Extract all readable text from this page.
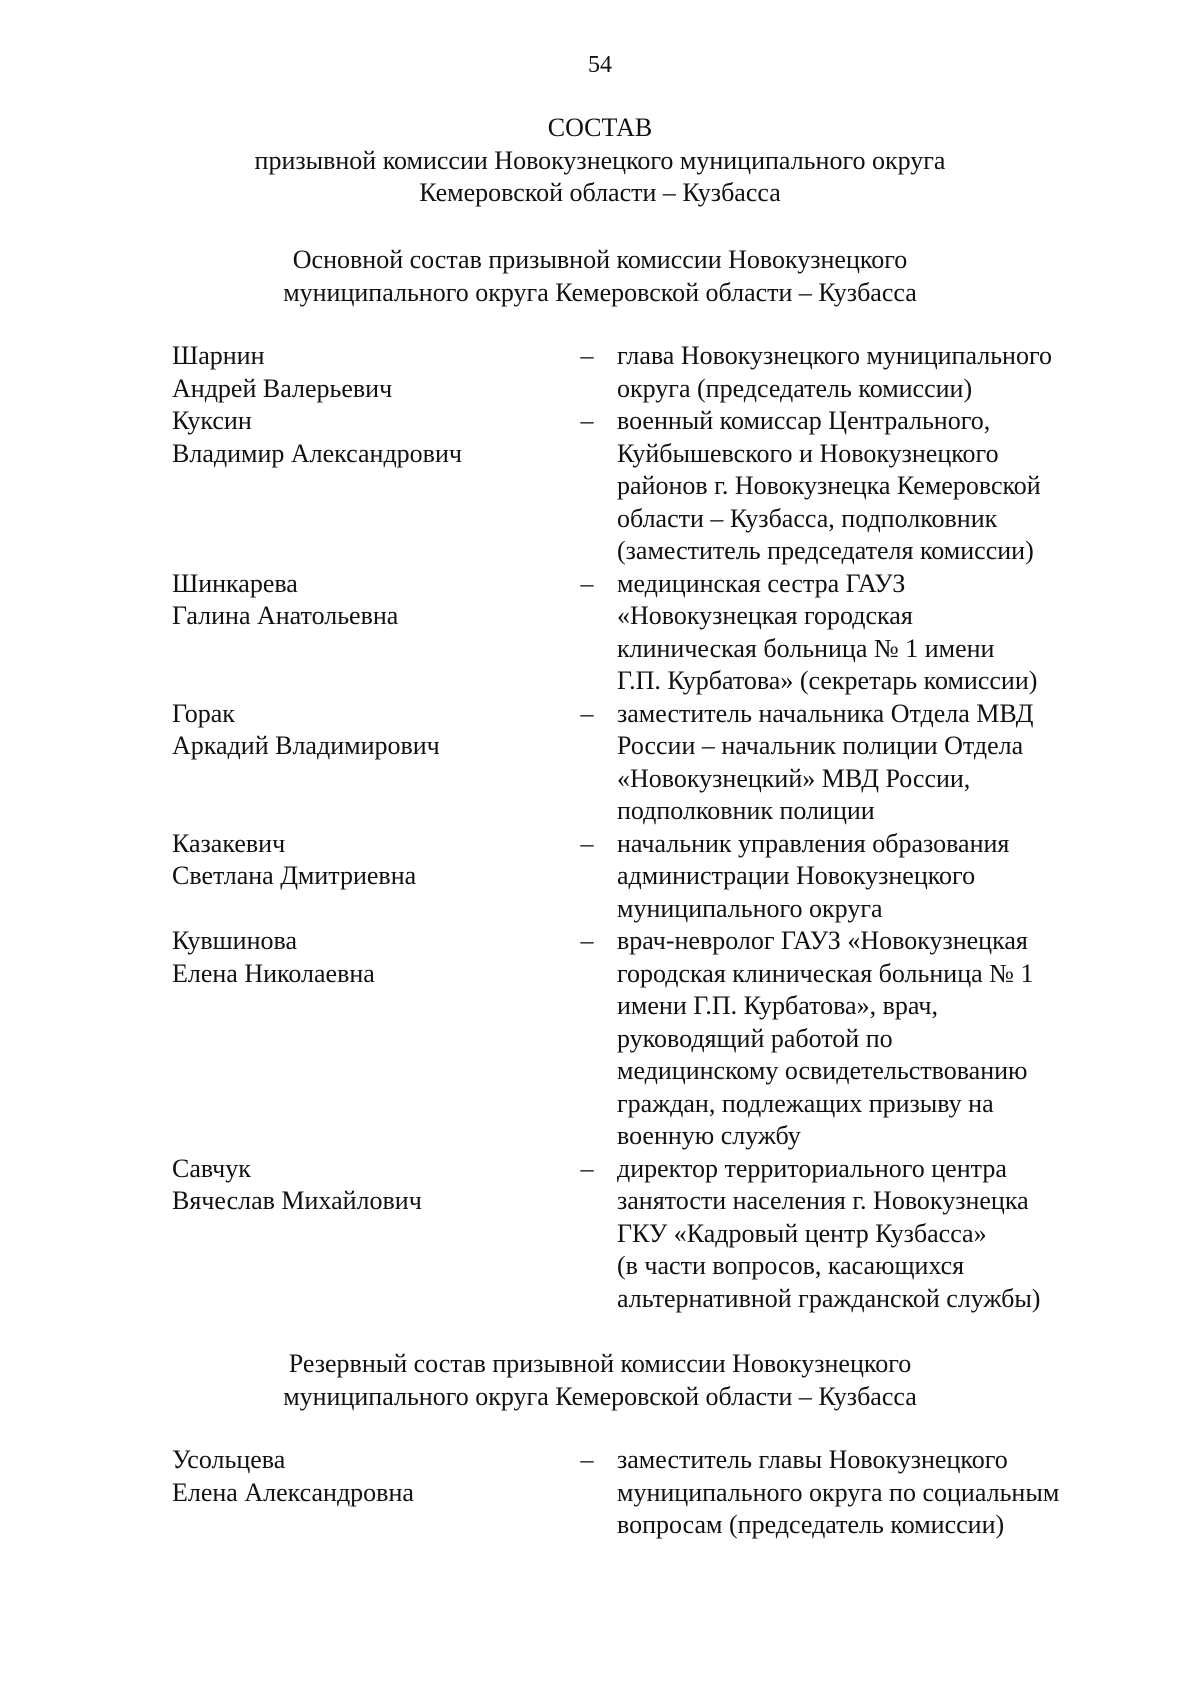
54
СОСТАВ
призывной комиссии Новокузнецкого муниципального округа
Кемеровской области – Кузбасса
Основной состав призывной комиссии Новокузнецкого
муниципального округа Кемеровской области – Кузбасса
Шарнин
Андрей Валерьевич
– глава Новокузнецкого муниципального
округа (председатель комиссии)
Куксин
Владимир Александрович
– военный комиссар Центрального,
Куйбышевского и Новокузнецкого
районов г. Новокузнецка Кемеровской
области – Кузбасса, подполковник
(заместитель председателя комиссии)
Шинкарева
Галина Анатольевна
– медицинская сестра ГАУЗ
«Новокузнецкая городская
клиническая больница № 1 имени
Г.П. Курбатова» (секретарь комиссии)
Горак
Аркадий Владимирович
– заместитель начальника Отдела МВД
России – начальник полиции Отдела
«Новокузнецкий» МВД России,
подполковник полиции
Казакевич
Светлана Дмитриевна
– начальник управления образования
администрации Новокузнецкого
муниципального округа
Кувшинова
Елена Николаевна
– врач-невролог ГАУЗ «Новокузнецкая
городская клиническая больница № 1
имени Г.П. Курбатова», врач,
руководящий работой по
медицинскому освидетельствованию
граждан, подлежащих призыву на
военную службу
Савчук
Вячеслав Михайлович
– директор территориального центра
занятости населения г. Новокузнецка
ГКУ «Кадровый центр Кузбасса»
(в части вопросов, касающихся
альтернативной гражданской службы)
Резервный состав призывной комиссии Новокузнецкого
муниципального округа Кемеровской области – Кузбасса
Усольцева
Елена Александровна
– заместитель главы Новокузнецкого
муниципального округа по социальным
вопросам (председатель комиссии)
